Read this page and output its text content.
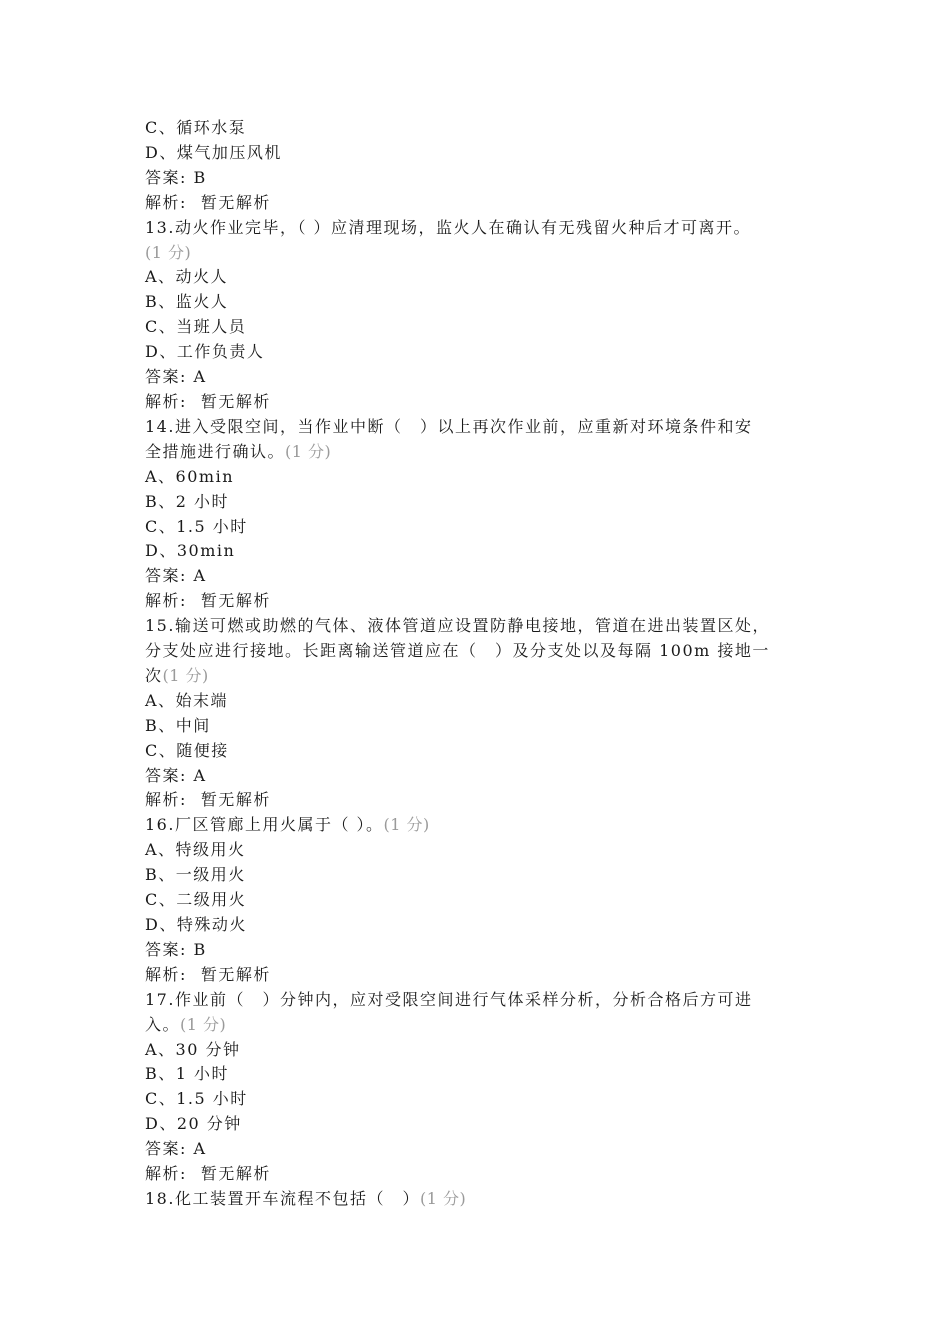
C、循环水泵
D、煤气加压风机
答案: B
解析: 暂无解析
13.动火作业完毕，（ ）应清理现场，监火人在确认有无残留火种后才可离开。
(1 分)
A、动火人
B、监火人
C、当班人员
D、工作负责人
答案: A
解析: 暂无解析
14.进入受限空间，当作业中断（　）以上再次作业前，应重新对环境条件和安
全措施进行确认。(1 分)
A、60min
B、2 小时
C、1.5 小时
D、30min
答案: A
解析: 暂无解析
15.输送可燃或助燃的气体、液体管道应设置防静电接地，管道在进出装置区处，
分支处应进行接地。长距离输送管道应在（　）及分支处以及每隔 100m 接地一
次(1 分)
A、始末端
B、中间
C、随便接
答案: A
解析: 暂无解析
16.厂区管廊上用火属于（ ）。(1 分)
A、特级用火
B、一级用火
C、二级用火
D、特殊动火
答案: B
解析: 暂无解析
17.作业前（　）分钟内，应对受限空间进行气体采样分析，分析合格后方可进
入。(1 分)
A、30 分钟
B、1 小时
C、1.5 小时
D、20 分钟
答案: A
解析: 暂无解析
18.化工装置开车流程不包括（　）(1 分)
